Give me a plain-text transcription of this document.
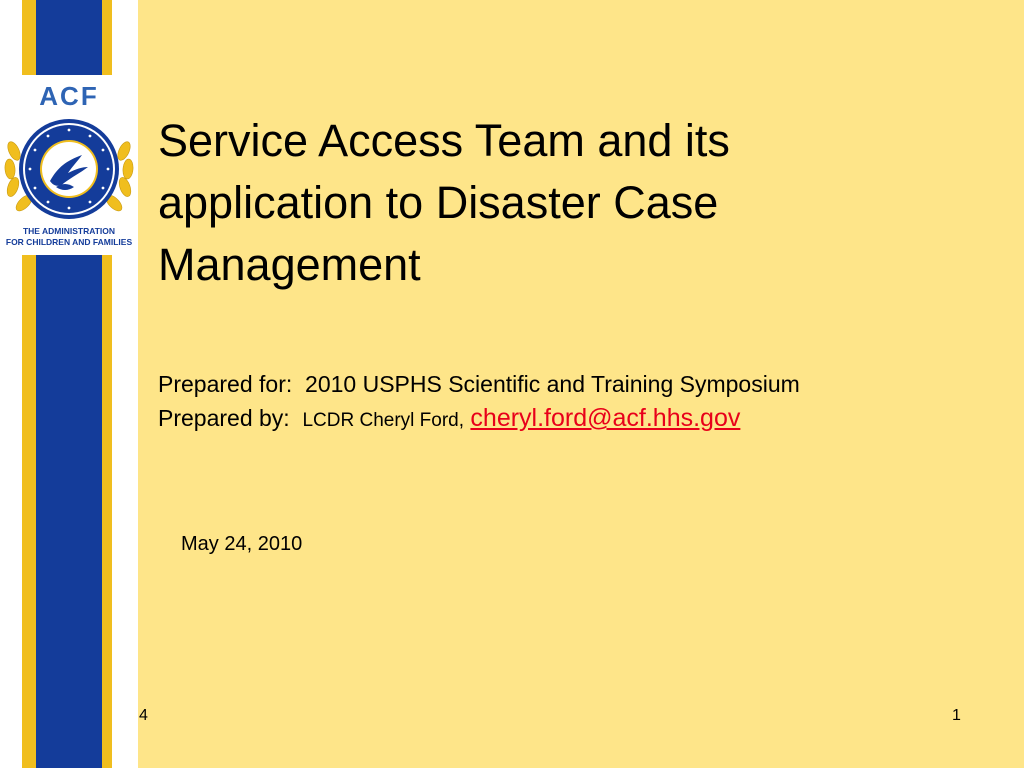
ACF
THE ADMINISTRATION
FOR CHILDREN AND FAMILIES
Service Access Team and its
application to Disaster Case
Management
Prepared for: 2010 USPHS Scientific and Training Symposium
Prepared by: LCDR Cheryl Ford, cheryl.ford@acf.hhs.gov
May 24, 2010
4	1
